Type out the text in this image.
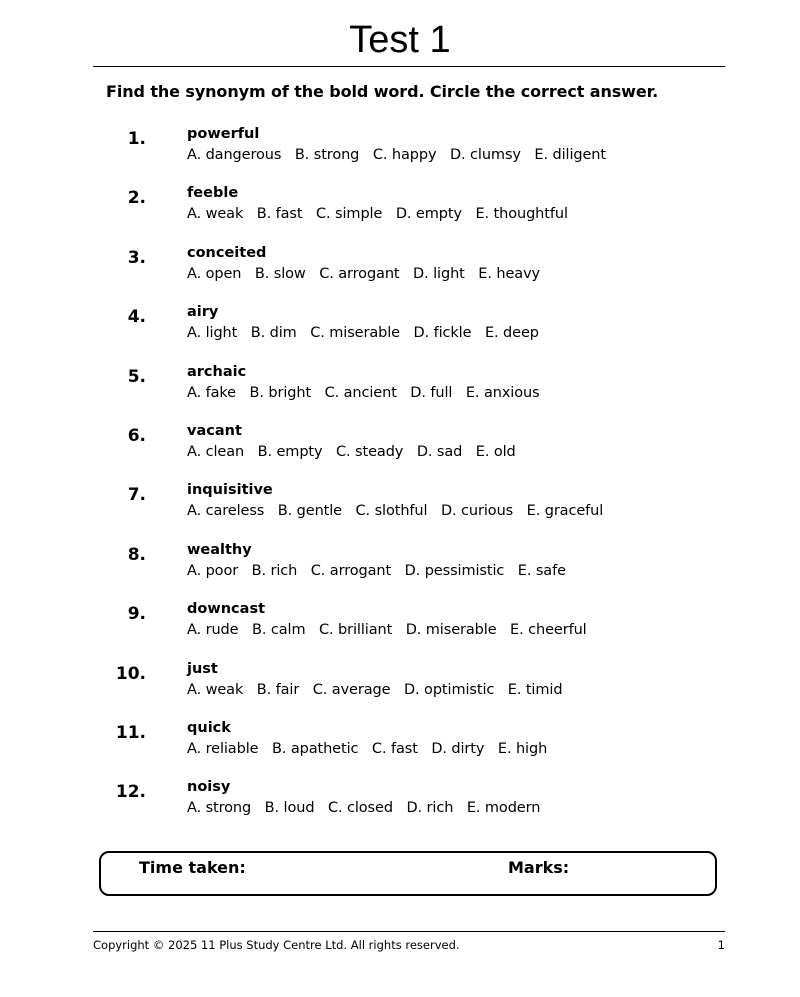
Test 1
Find the synonym of the bold word. Circle the correct answer.
1.	powerful
A. dangerous   B. strong   C. happy   D. clumsy   E. diligent
2.	feeble
A. weak   B. fast   C. simple   D. empty   E. thoughtful
3.	conceited
A. open   B. slow   C. arrogant   D. light   E. heavy
4.	airy
A. light   B. dim   C. miserable   D. fickle   E. deep
5.	archaic
A. fake   B. bright   C. ancient   D. full   E. anxious
6.	vacant
A. clean   B. empty   C. steady   D. sad   E. old
7.	inquisitive
A. careless   B. gentle   C. slothful   D. curious   E. graceful
8.	wealthy
A. poor   B. rich   C. arrogant   D. pessimistic   E. safe
9.	downcast
A. rude   B. calm   C. brilliant   D. miserable   E. cheerful
10.	just
A. weak   B. fair   C. average   D. optimistic   E. timid
11.	quick
A. reliable   B. apathetic   C. fast   D. dirty   E. high
12.	noisy
A. strong   B. loud   C. closed   D. rich   E. modern
Time taken:	Marks:
Copyright © 2025 11 Plus Study Centre Ltd. All rights reserved.	1
